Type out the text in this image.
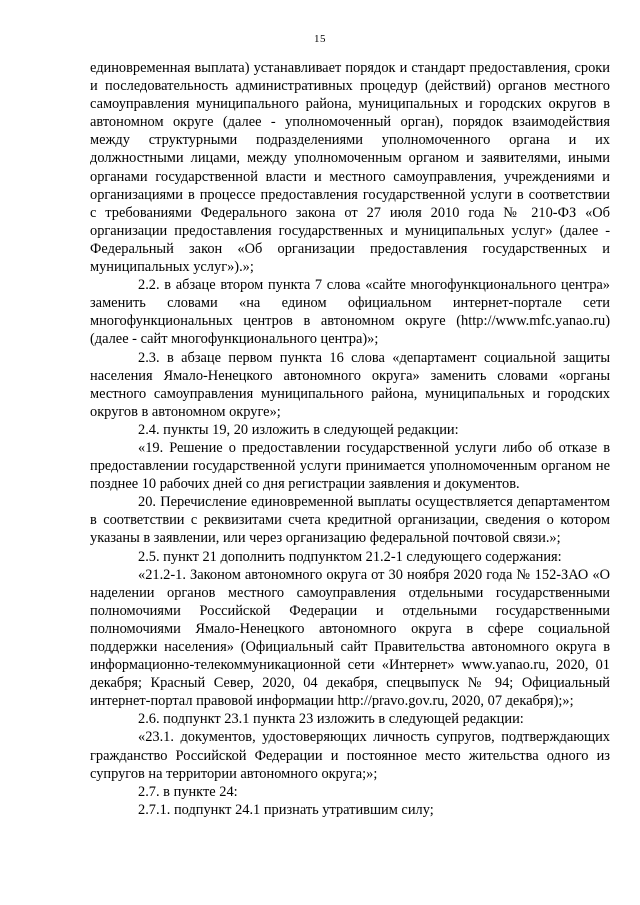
15

единовременная выплата) устанавливает порядок и стандарт предоставления, сроки и последовательность административных процедур (действий) органов местного самоуправления муниципального района, муниципальных и городских округов в автономном округе (далее - уполномоченный орган), порядок взаимодействия между структурными подразделениями уполномоченного органа и их должностными лицами, между уполномоченным органом и заявителями, иными органами государственной власти и местного самоуправления, учреждениями и организациями в процессе предоставления государственной услуги в соответствии с требованиями Федерального закона от 27 июля 2010 года № 210-ФЗ «Об организации предоставления государственных и муниципальных услуг» (далее - Федеральный закон «Об организации предоставления государственных и муниципальных услуг»).»;

2.2. в абзаце втором пункта 7 слова «сайте многофункционального центра» заменить словами «на едином официальном интернет-портале сети многофункциональных центров в автономном округе (http://www.mfc.yanao.ru) (далее - сайт многофункционального центра)»;

2.3. в абзаце первом пункта 16 слова «департамент социальной защиты населения Ямало-Ненецкого автономного округа» заменить словами «органы местного самоуправления муниципального района, муниципальных и городских округов в автономном округе»;

2.4. пункты 19, 20 изложить в следующей редакции:

«19. Решение о предоставлении государственной услуги либо об отказе в предоставлении государственной услуги принимается уполномоченным органом не позднее 10 рабочих дней со дня регистрации заявления и документов.

20. Перечисление единовременной выплаты осуществляется департаментом в соответствии с реквизитами счета кредитной организации, сведения о котором указаны в заявлении, или через организацию федеральной почтовой связи.»;

2.5. пункт 21 дополнить подпунктом 21.2-1 следующего содержания:

«21.2-1. Законом автономного округа от 30 ноября 2020 года № 152-ЗАО «О наделении органов местного самоуправления отдельными государственными полномочиями Российской Федерации и отдельными государственными полномочиями Ямало-Ненецкого автономного округа в сфере социальной поддержки населения» (Официальный сайт Правительства автономного округа в информационно-телекоммуникационной сети «Интернет» www.yanao.ru, 2020, 01 декабря; Красный Север, 2020, 04 декабря, спецвыпуск № 94; Официальный интернет-портал правовой информации http://pravo.gov.ru, 2020, 07 декабря);»;

2.6. подпункт 23.1 пункта 23 изложить в следующей редакции:

«23.1. документов, удостоверяющих личность супругов, подтверждающих гражданство Российской Федерации и постоянное место жительства одного из супругов на территории автономного округа;»;

2.7. в пункте 24:

2.7.1. подпункт 24.1 признать утратившим силу;
